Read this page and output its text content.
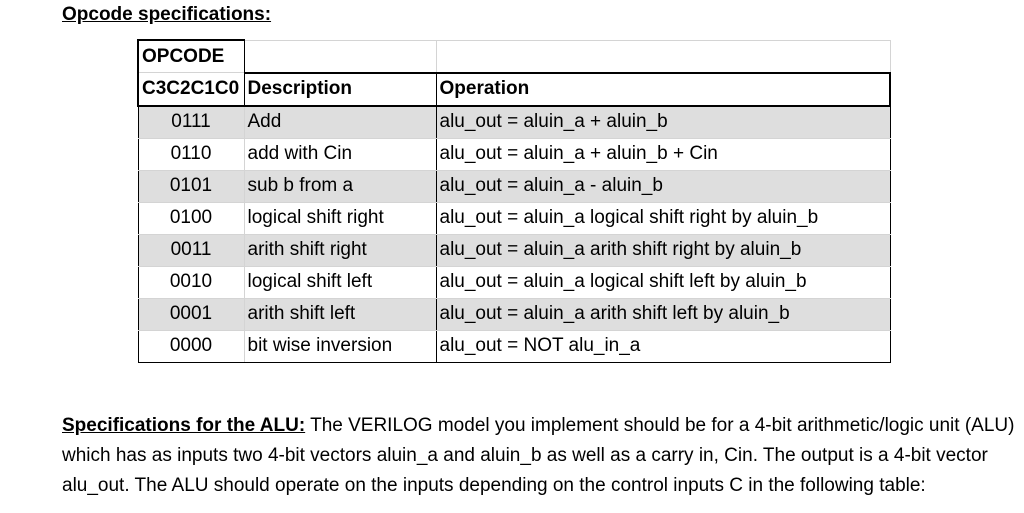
Opcode specifications:
OPCODE		
C3C2C1C0	Description	Operation
0111	Add	alu_out = aluin_a + aluin_b
0110	add with Cin	alu_out = aluin_a + aluin_b + Cin
0101	sub b from a	alu_out = aluin_a - aluin_b
0100	logical shift right	alu_out = aluin_a logical shift right by aluin_b
0011	arith shift right	alu_out = aluin_a arith shift right by aluin_b
0010	logical shift left	alu_out = aluin_a logical shift left by aluin_b
0001	arith shift left	alu_out = aluin_a arith shift left by aluin_b
0000	bit wise inversion	alu_out = NOT alu_in_a

Specifications for the ALU: The VERILOG model you implement should be for a 4-bit arithmetic/logic unit (ALU) which has as inputs two 4-bit vectors aluin_a and aluin_b as well as a carry in, Cin. The output is a 4-bit vector alu_out. The ALU should operate on the inputs depending on the control inputs C in the following table:
